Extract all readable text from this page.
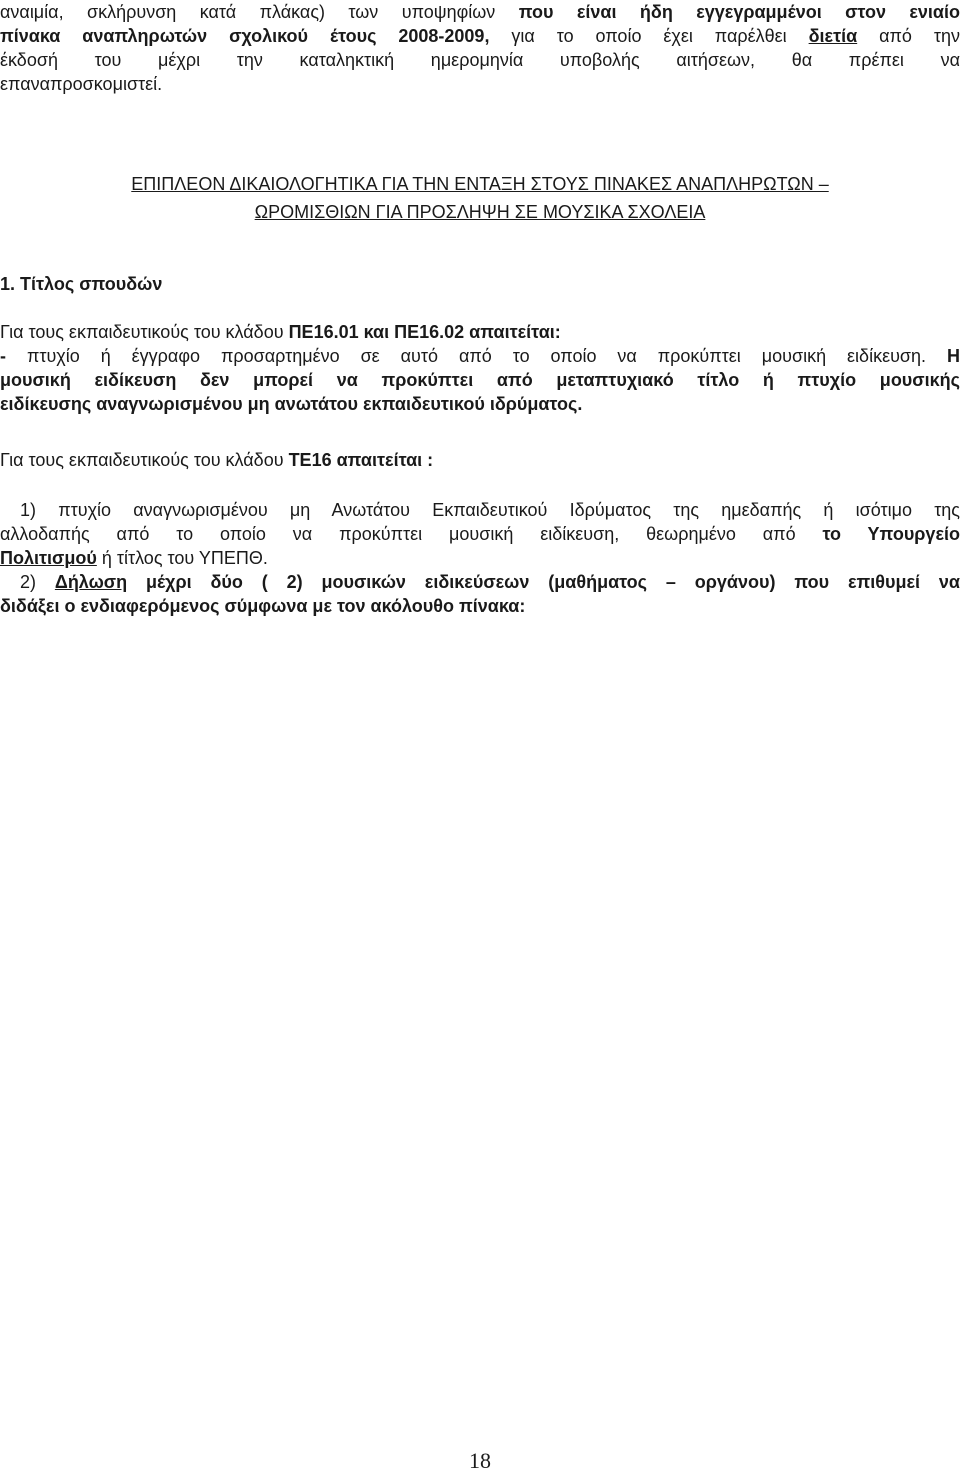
αναιμία, σκλήρυνση κατά πλάκας) των υποψηφίων που είναι ήδη εγγεγραμμένοι στον ενιαίο
πίνακα αναπληρωτών σχολικού έτους 2008-2009, για το οποίο έχει παρέλθει διετία από την
έκδοσή του μέχρι την καταληκτική ημερομηνία υποβολής αιτήσεων, θα πρέπει να
επαναπροσκομιστεί.
ΕΠΙΠΛΕΟΝ ΔΙΚΑΙΟΛΟΓΗΤΙΚΑ ΓΙΑ ΤΗΝ ΕΝΤΑΞΗ ΣΤΟΥΣ ΠΙΝΑΚΕΣ ΑΝΑΠΛΗΡΩΤΩΝ –
ΩΡΟΜΙΣΘΙΩΝ ΓΙΑ ΠΡΟΣΛΗΨΗ ΣΕ ΜΟΥΣΙΚΑ ΣΧΟΛΕΙΑ
1. Τίτλος σπουδών
Για τους εκπαιδευτικούς του κλάδου ΠΕ16.01 και ΠΕ16.02 απαιτείται:
- πτυχίο ή έγγραφο προσαρτημένο σε αυτό από το οποίο να προκύπτει μουσική ειδίκευση. Η
μουσική ειδίκευση δεν μπορεί να προκύπτει από μεταπτυχιακό τίτλο ή πτυχίο μουσικής
ειδίκευσης αναγνωρισμένου μη ανωτάτου εκπαιδευτικού ιδρύματος.
Για τους εκπαιδευτικούς του κλάδου ΤΕ16 απαιτείται :
1) πτυχίο αναγνωρισμένου μη Ανωτάτου Εκπαιδευτικού Ιδρύματος της ημεδαπής ή ισότιμο της
αλλοδαπής από το οποίο να προκύπτει μουσική ειδίκευση, θεωρημένο από το Υπουργείο
Πολιτισμού ή τίτλος του ΥΠΕΠΘ.
2) Δήλωση μέχρι δύο ( 2) μουσικών ειδικεύσεων (μαθήματος – οργάνου) που επιθυμεί να
διδάξει ο ενδιαφερόμενος σύμφωνα με τον ακόλουθο πίνακα:
18
